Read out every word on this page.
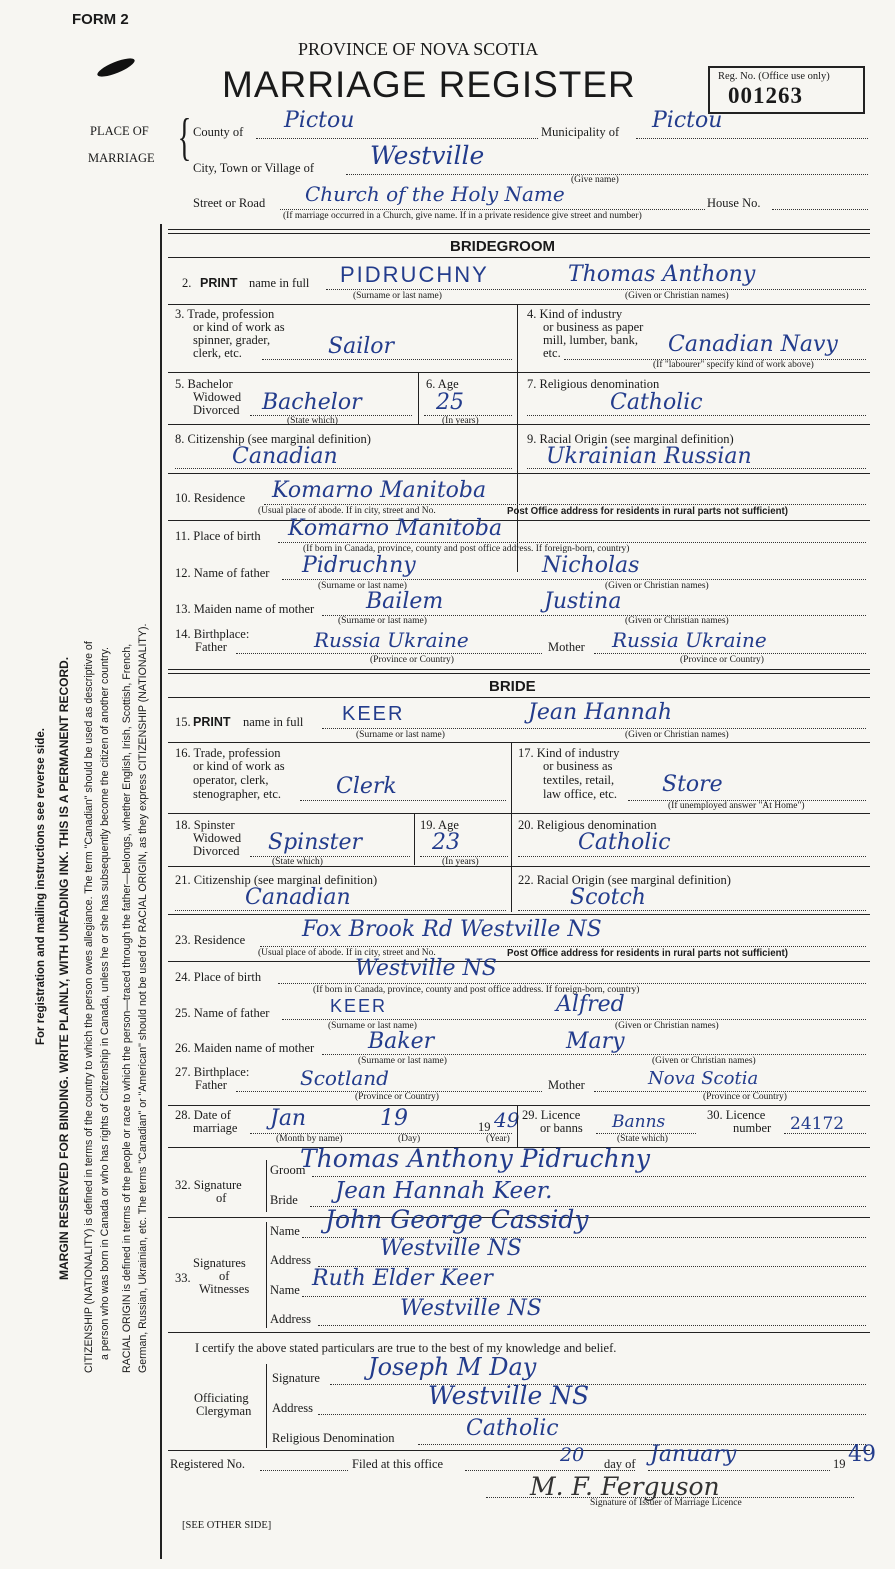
FORM 2
PROVINCE OF NOVA SCOTIA
MARRIAGE REGISTER	Reg. No. (Office use only)
001263
For registration and mailing instructions see reverse side. MARGIN RESERVED FOR BINDING. WRITE PLAINLY, WITH UNFADING INK. THIS IS A PERMANENT RECORD. CITIZENSHIP (NATIONALITY) is defined in terms of the country to which the person owes allegiance. The term "Canadian" should be used as descriptive of a person who was born in Canada or who has rights of Citizenship in Canada, unless he or she has subsequently become the citizen of another country. RACIAL ORIGIN is defined in terms of the people or race to which the person—traced through the father—belongs, whether English, Irish, Scottish, French, German, Russian, Ukrainian, etc. The terms "Canadian" or "American" should not be used for RACIAL ORIGIN, as they express CITIZENSHIP (NATIONALITY).
PLACE OF
MARRIAGE { County of Pictou	Municipality of Pictou
City, Town or Village of Westville
(Give name)
Street or Road Church of the Holy Name	House No.
(If marriage occurred in a Church, give name. If in a private residence give street and number)
BRIDEGROOM
2. PRINT name in full PIDRUCHNY	Thomas Anthony
(Surname or last name)	(Given or Christian names)
3. Trade, profession
or kind of work as
spinner, grader,
clerk, etc.	Sailor
4. Kind of industry
or business as paper
mill, lumber, bank,
etc.	Canadian Navy
(If "labourer" specify kind of work above)
5. Bachelor
Widowed
Divorced Bachelor
(State which)
6. Age
25
(In years)
7. Religious denomination
Catholic
8. Citizenship (see marginal definition)
Canadian
9. Racial Origin (see marginal definition)
Ukrainian Russian
10. Residence Komarno Manitoba
(Usual place of abode. If in city, street and No.	Post Office address for residents in rural parts not sufficient)
11. Place of birth Komarno Manitoba
(If born in Canada, province, county and post office address. If foreign-born, country)
12. Name of father Pidruchny	Nicholas
(Surname or last name)	(Given or Christian names)
13. Maiden name of mother Bailem	Justina
(Surname or last name)	(Given or Christian names)
14. Birthplace:
Father	Russia Ukraine	Mother Russia Ukraine
(Province or Country)	(Province or Country)
BRIDE
15. PRINT name in full KEER	Jean Hannah
(Surname or last name)	(Given or Christian names)
16. Trade, profession
or kind of work as
operator, clerk,
stenographer, etc. Clerk
17. Kind of industry
or business as
textiles, retail,
law office, etc. Store
(If unemployed answer "At Home")
18. Spinster
Widowed
Divorced Spinster
(State which)
19. Age
23
(In years)
20. Religious denomination
Catholic
21. Citizenship (see marginal definition)
Canadian
22. Racial Origin (see marginal definition)
Scotch
23. Residence	Fox Brook Rd Westville NS
(Usual place of abode. If in city, street and No.	Post Office address for residents in rural parts not sufficient)
24. Place of birth	Westville NS
(If born in Canada, province, county and post office address. If foreign-born, country)
25. Name of father	KEER	Alfred
(Surname or last name)	(Given or Christian names)
26. Maiden name of mother Baker	Mary
(Surname or last name)	(Given or Christian names)
27. Birthplace:
Father	Scotland	Mother	Nova Scotia
(Province or Country)	(Province or Country)
28. Date of
marriage Jan	19	19 49
(Month by name)	(Day)	(Year)
29. Licence
or banns Banns
(State which)
30. Licence
number 24172
32. Signature
of
Groom
Thomas Anthony Pidruchny
Bride Jean Hannah Keer.
33.
Signatures
of
Witnesses
Name John George Cassidy
Address	Westville NS
Name Ruth Elder Keer
Address	Westville NS
I certify the above stated particulars are true to the best of my knowledge and belief.
Officiating
Clergyman
Signature Joseph M Day
Address	Westville NS
Religious Denomination	Catholic
Registered No.	Filed at this office	20 day of January	19 49
M. F. Ferguson
Signature of Issuer of Marriage Licence
[SEE OTHER SIDE]
